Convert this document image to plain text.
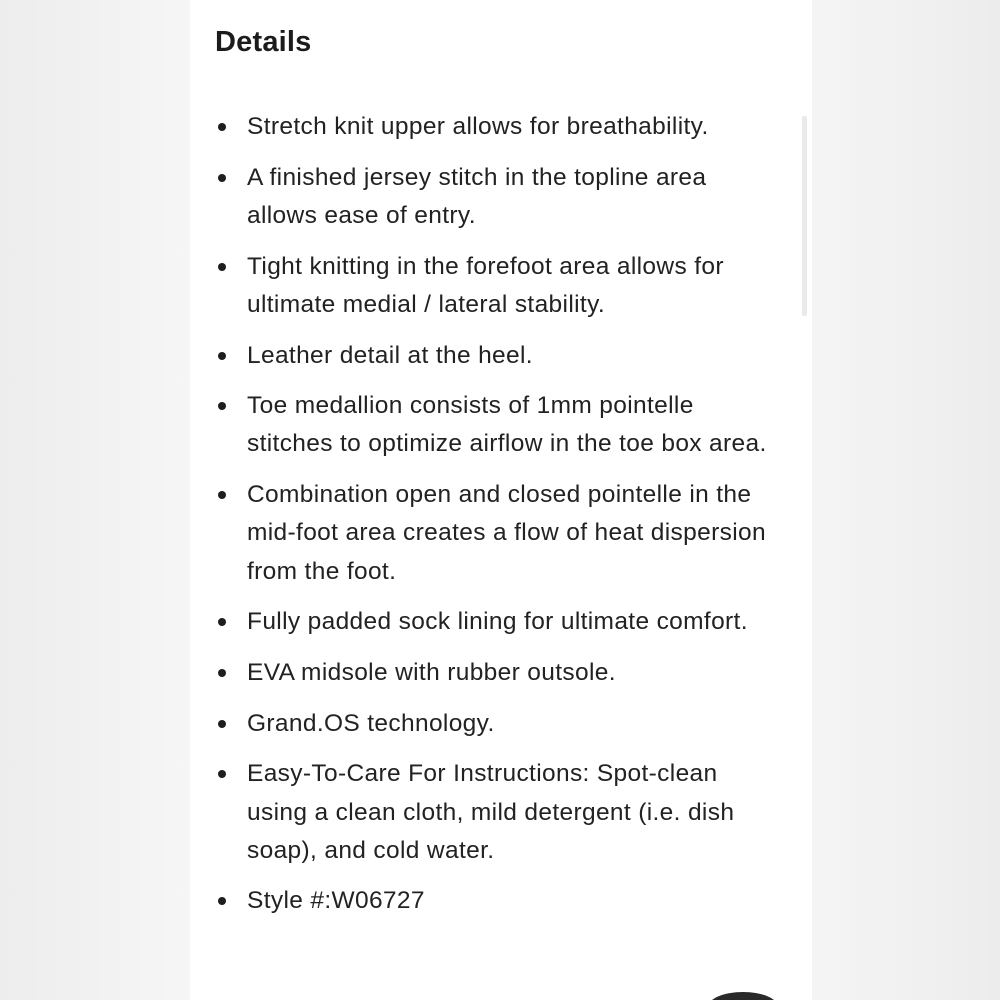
Details
Stretch knit upper allows for breathability.
A finished jersey stitch in the topline area allows ease of entry.
Tight knitting in the forefoot area allows for ultimate medial / lateral stability.
Leather detail at the heel.
Toe medallion consists of 1mm pointelle stitches to optimize airflow in the toe box area.
Combination open and closed pointelle in the mid-foot area creates a flow of heat dispersion from the foot.
Fully padded sock lining for ultimate comfort.
EVA midsole with rubber outsole.
Grand.OS technology.
Easy-To-Care For Instructions: Spot-clean using a clean cloth, mild detergent (i.e. dish soap), and cold water.
Style #:W06727
